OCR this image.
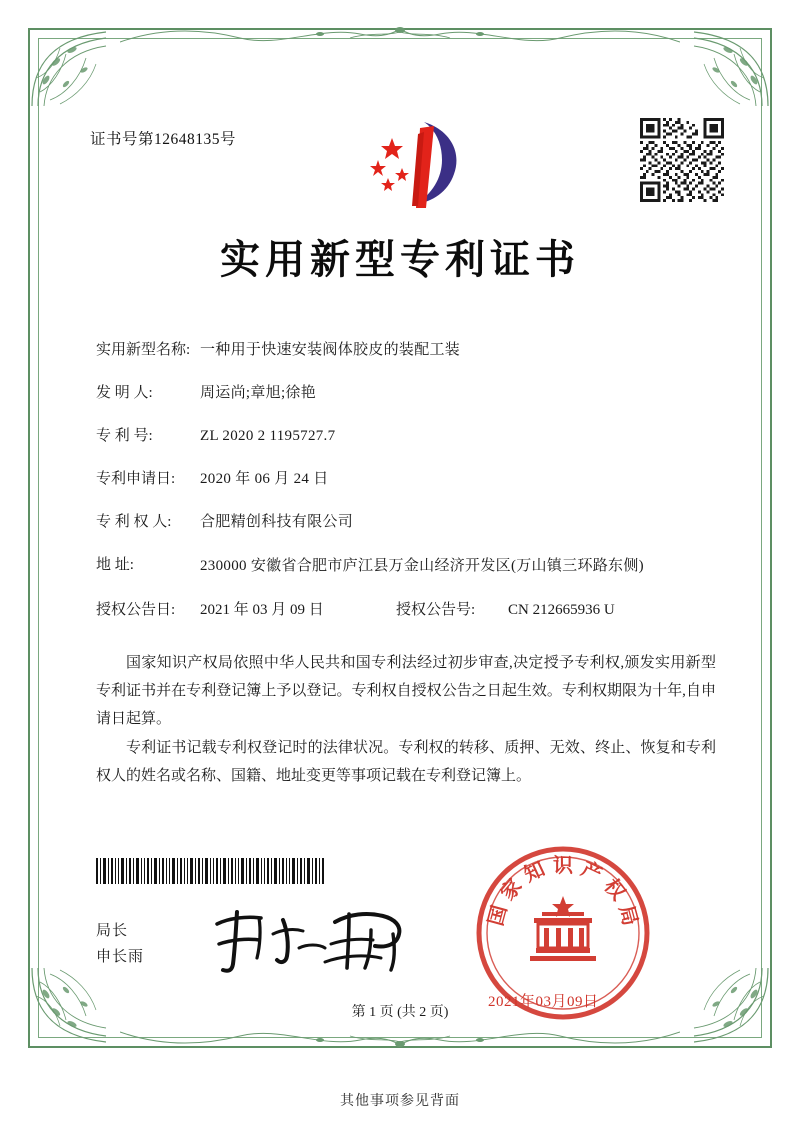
证书号第12648135号
实用新型专利证书
实用新型名称: 一种用于快速安装阀体胶皮的装配工装
发 明 人:	周运尚;章旭;徐艳
专 利 号:	ZL 2020 2 1195727.7
专利申请日:	2020 年 06 月 24 日
专 利 权 人:	合肥精创科技有限公司
地 址:	230000 安徽省合肥市庐江县万金山经济开发区(万山镇三环路东侧)
授权公告日:	2021 年 03 月 09 日	授权公告号:	CN 212665936 U

国家知识产权局依照中华人民共和国专利法经过初步审查,决定授予专利权,颁发实用新型专利证书并在专利登记簿上予以登记。专利权自授权公告之日起生效。专利权期限为十年,自申请日起算。

专利证书记载专利权登记时的法律状况。专利权的转移、质押、无效、终止、恢复和专利权人的姓名或名称、国籍、地址变更等事项记载在专利登记簿上。

局长
申长雨
国
家
知 识 产
权
局
2021年03月09日
第 1 页 (共 2 页)
其他事项参见背面
